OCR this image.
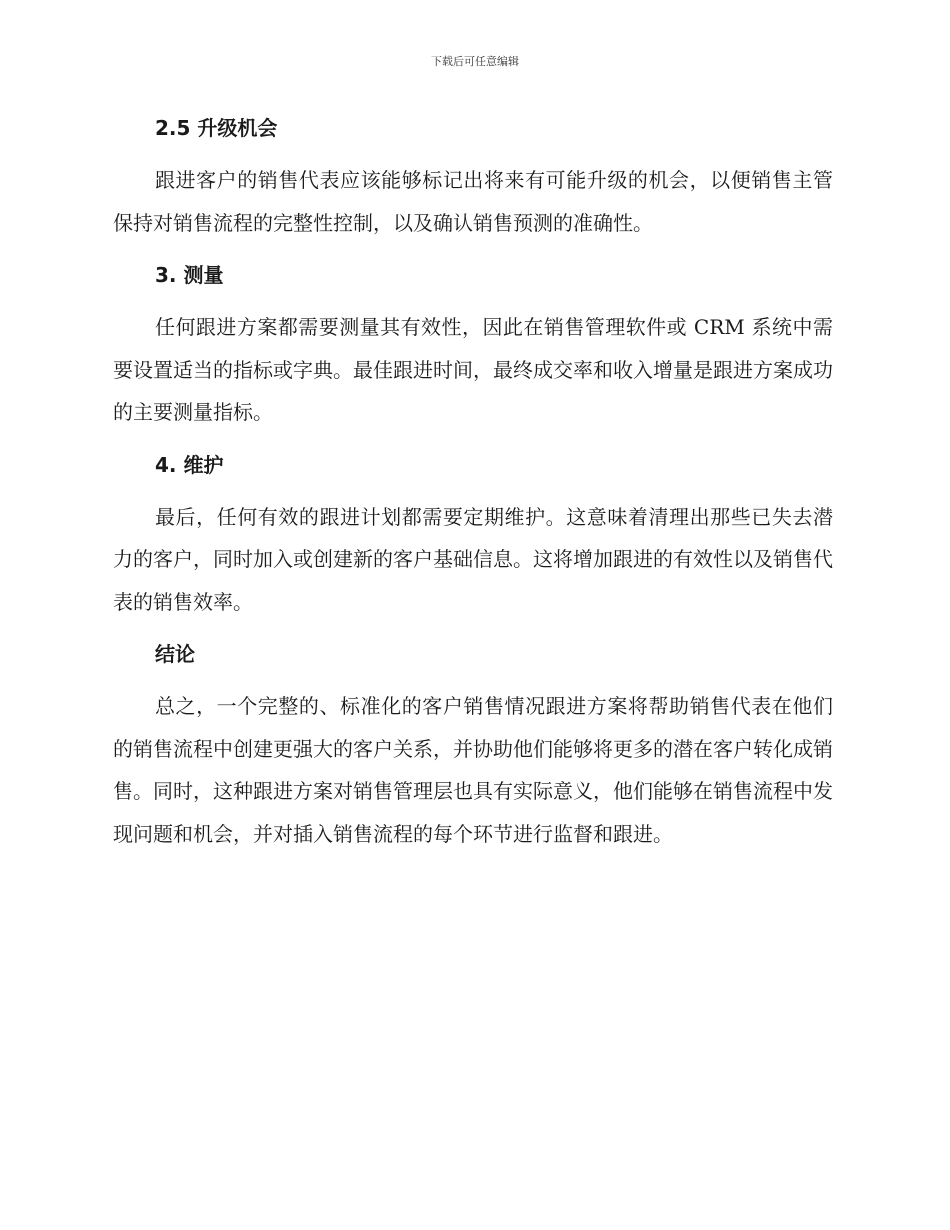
下载后可任意编辑
2.5 升级机会

跟进客户的销售代表应该能够标记出将来有可能升级的机会，以便销售主管保持对销售流程的完整性控制，以及确认销售预测的准确性。

3. 测量

任何跟进方案都需要测量其有效性，因此在销售管理软件或 CRM 系统中需要设置适当的指标或字典。最佳跟进时间，最终成交率和收入增量是跟进方案成功的主要测量指标。

4. 维护

最后，任何有效的跟进计划都需要定期维护。这意味着清理出那些已失去潜力的客户，同时加入或创建新的客户基础信息。这将增加跟进的有效性以及销售代表的销售效率。

结论

总之，一个完整的、标准化的客户销售情况跟进方案将帮助销售代表在他们的销售流程中创建更强大的客户关系，并协助他们能够将更多的潜在客户转化成销售。同时，这种跟进方案对销售管理层也具有实际意义，他们能够在销售流程中发现问题和机会，并对插入销售流程的每个环节进行监督和跟进。
